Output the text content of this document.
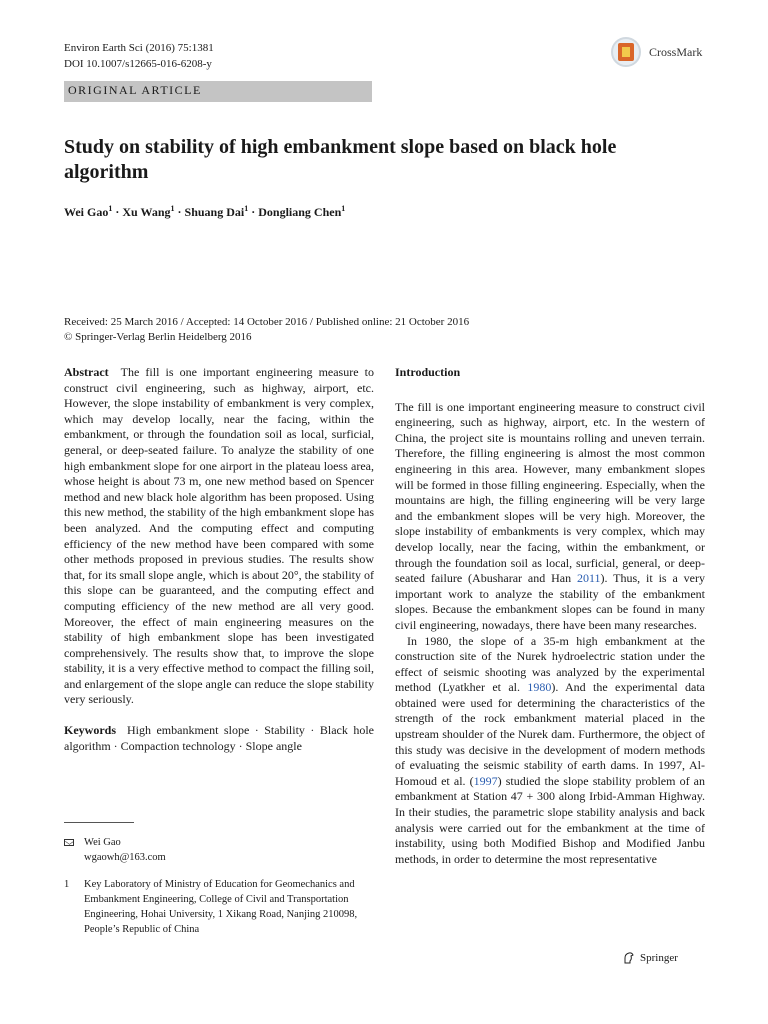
Environ Earth Sci (2016) 75:1381
DOI 10.1007/s12665-016-6208-y
CrossMark
ORIGINAL ARTICLE
Study on stability of high embankment slope based on black hole algorithm
Wei Gao$^1$ · Xu Wang$^1$ · Shuang Dai$^1$ · Dongliang Chen$^1$
Received: 25 March 2016 / Accepted: 14 October 2016 / Published online: 21 October 2016
© Springer-Verlag Berlin Heidelberg 2016

Abstract The fill is one important engineering measure to construct civil engineering, such as highway, airport, etc. However, the slope instability of embankment is very complex, which may develop locally, near the facing, within the embankment, or through the foundation soil as local, surficial, general, or deep-seated failure. To analyze the stability of one high embankment slope for one airport in the plateau loess area, whose height is about 73 m, one new method based on Spencer method and new black hole algorithm has been proposed. Using this new method, the stability of the high embankment slope has been analyzed. And the computing effect and computing efficiency of the new method have been compared with some other methods proposed in previous studies. The results show that, for its small slope angle, which is about 20°, the stability of this slope can be guaranteed, and the computing effect and computing efficiency of the new method are all very good. Moreover, the effect of main engineering measures on the stability of high embankment slope has been investigated comprehensively. The results show that, to improve the slope stability, it is a very effective method to compact the filling soil, and enlargement of the slope angle can reduce the slope stability very seriously.

Keywords High embankment slope · Stability · Black hole algorithm · Compaction technology · Slope angle

Wei Gao
wgaowh@163.com
1	Key Laboratory of Ministry of Education for Geomechanics and Embankment Engineering, College of Civil and Transportation Engineering, Hohai University, 1 Xikang Road, Nanjing 210098, People’s Republic of China
Introduction

The fill is one important engineering measure to construct civil engineering, such as highway, airport, etc. In the western of China, the project site is mountains rolling and uneven terrain. Therefore, the filling engineering is almost the most common engineering in this area. However, many embankment slopes will be formed in those filling engineering. Especially, when the mountains are high, the filling engineering will be very large and the embankment slopes will be very high. Moreover, the slope instability of embankments is very complex, which may develop locally, near the facing, within the embankment, or through the foundation soil as local, surficial, general, or deep-seated failure (Abusharar and Han 2011). Thus, it is a very important work to analyze the stability of the embankment slopes. Because the embankment slopes can be found in many civil engineering, nowadays, there have been many researches.

In 1980, the slope of a 35-m high embankment at the construction site of the Nurek hydroelectric station under the effect of seismic shooting was analyzed by the experimental method (Lyatkher et al. 1980). And the experimental data obtained were used for determining the characteristics of the strength of the rock embankment material placed in the upstream shoulder of the Nurek dam. Furthermore, the object of this study was decisive in the development of modern methods of evaluating the seismic stability of earth dams. In 1997, Al-Homoud et al. (1997) studied the slope stability problem of an embankment at Station 47 + 300 along Irbid-Amman Highway. In their studies, the parametric slope stability analysis and back analysis were carried out for the embankment at the time of instability, using both Modified Bishop and Modified Janbu methods, in order to determine the most representative

Springer
